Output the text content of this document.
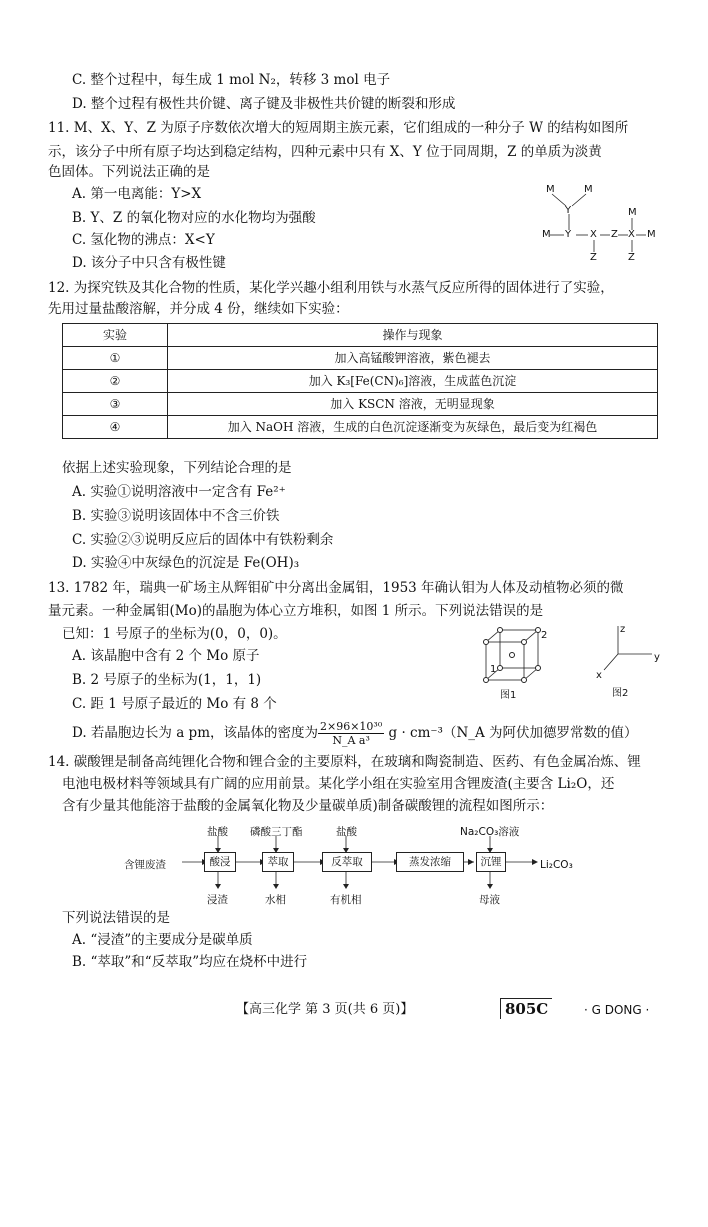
C. 整个过程中，每生成 1 mol N₂，转移 3 mol 电子
D. 整个过程有极性共价键、离子键及非极性共价键的断裂和形成
11. M、X、Y、Z 为原子序数依次增大的短周期主族元素，它们组成的一种分子 W 的结构如图所
示，该分子中所有原子均达到稳定结构，四种元素中只有 X、Y 位于同周期，Z 的单质为淡黄
色固体。下列说法正确的是
A. 第一电离能：Y>X
B. Y、Z 的氧化物对应的水化物均为强酸
C. 氢化物的沸点：X<Y
D. 该分子中只含有极性键
M	M
Y
M Y X Z X M
M
Z	Z
12. 为探究铁及其化合物的性质，某化学兴趣小组利用铁与水蒸气反应所得的固体进行了实验，
先用过量盐酸溶解，并分成 4 份，继续如下实验：
实验	操作与现象
①	加入高锰酸钾溶液，紫色褪去
②	加入 K₃[Fe(CN)₆]溶液，生成蓝色沉淀
③	加入 KSCN 溶液，无明显现象
④	加入 NaOH 溶液，生成的白色沉淀逐渐变为灰绿色，最后变为红褐色
依据上述实验现象，下列结论合理的是
A. 实验①说明溶液中一定含有 Fe²⁺
B. 实验③说明该固体中不含三价铁
C. 实验②③说明反应后的固体中有铁粉剩余
D. 实验④中灰绿色的沉淀是 Fe(OH)₃
13. 1782 年，瑞典一矿场主从辉钼矿中分离出金属钼，1953 年确认钼为人体及动植物必须的微
量元素。一种金属钼(Mo)的晶胞为体心立方堆积，如图 1 所示。下列说法错误的是
已知：1 号原子的坐标为(0，0，0)。
A. 该晶胞中含有 2 个 Mo 原子
B. 2 号原子的坐标为(1，1，1)
C. 距 1 号原子最近的 Mo 有 8 个
D. 若晶胞边长为 a pm，该晶体的密度为 $\frac{\text{2×96×10³⁰}}{\text{N\_A a³}}$ g · cm⁻³（N_A 为阿伏加德罗常数的值）
2
1
图1
z
y
x
图2
14. 碳酸锂是制备高纯锂化合物和锂合金的主要原料，在玻璃和陶瓷制造、医药、有色金属冶炼、锂
电池电极材料等领域具有广阔的应用前景。某化学小组在实验室用含锂废渣(主要含 Li₂O，还
含有少量其他能溶于盐酸的金属氧化物及少量碳单质)制备碳酸锂的流程如图所示：
含锂废渣	酸浸	萃取	反萃取	蒸发浓缩	沉锂	Li₂CO₃
盐酸 磷酸三丁酯	盐酸	Na₂CO₃溶液
浸渣	水相	有机相	母液
下列说法错误的是
A. “浸渣”的主要成分是碳单质
B. “萃取”和“反萃取”均应在烧杯中进行
【高三化学 第 3 页(共 6 页)】	805C	· G DONG ·
